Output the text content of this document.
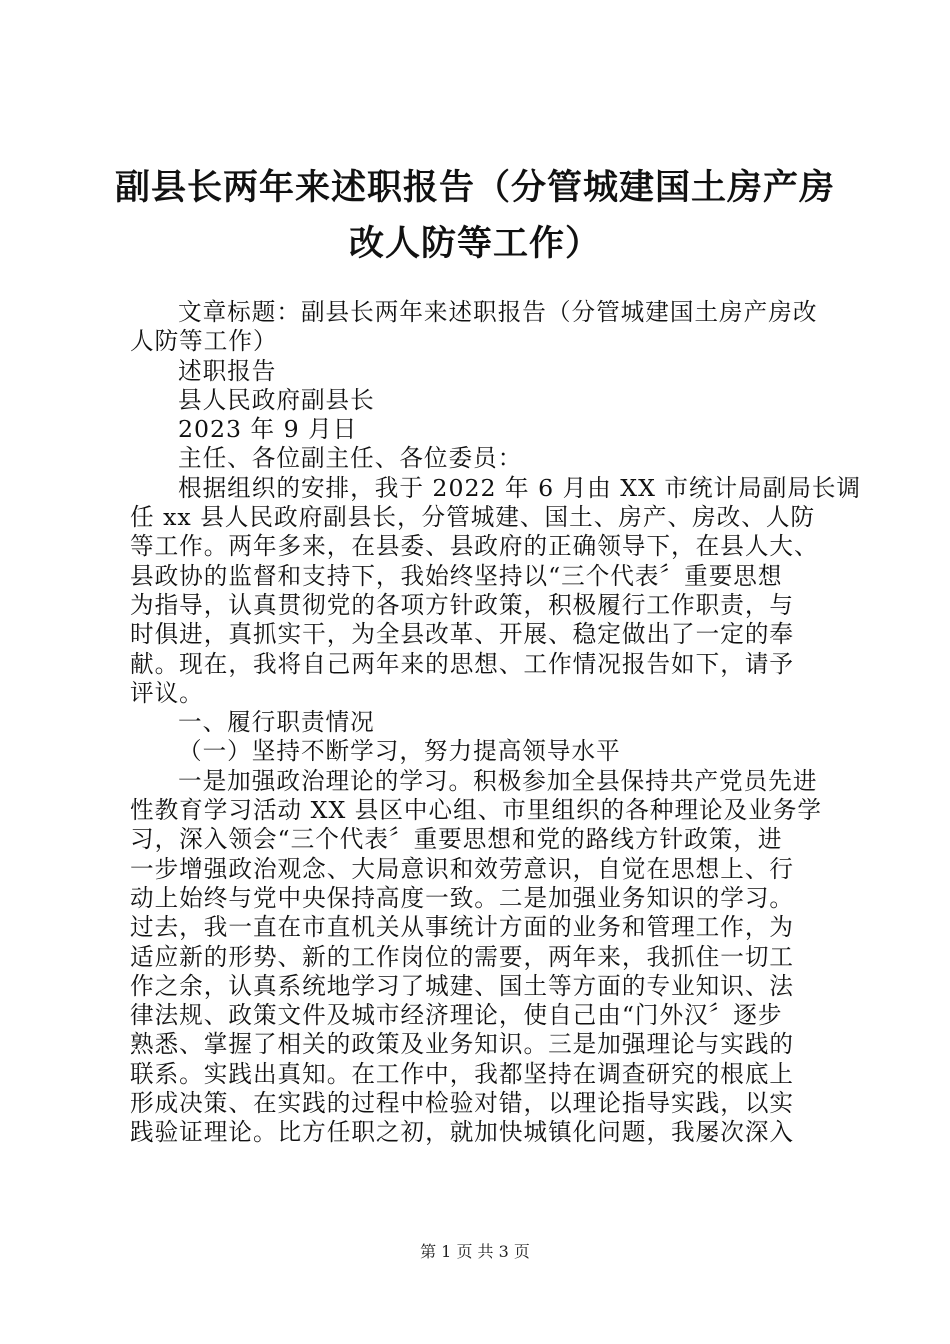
副县长两年来述职报告（分管城建国土房产房
改人防等工作）
文章标题：副县长两年来述职报告（分管城建国土房产房改
人防等工作）
述职报告
县人民政府副县长
2023 年 9 月日
主任、各位副主任、各位委员：
根据组织的安排，我于 2022 年 6 月由 XX 市统计局副局长调
任 xx 县人民政府副县长，分管城建、国土、房产、房改、人防
等工作。两年多来，在县委、县政府的正确领导下，在县人大、
县政协的监督和支持下，我始终坚持以“三个代表〞重要思想
为指导，认真贯彻党的各项方针政策，积极履行工作职责，与
时俱进，真抓实干，为全县改革、开展、稳定做出了一定的奉
献。现在，我将自己两年来的思想、工作情况报告如下，请予
评议。
一、履行职责情况
（一）坚持不断学习，努力提高领导水平
一是加强政治理论的学习。积极参加全县保持共产党员先进
性教育学习活动 XX 县区中心组、市里组织的各种理论及业务学
习，深入领会“三个代表〞重要思想和党的路线方针政策，进
一步增强政治观念、大局意识和效劳意识，自觉在思想上、行
动上始终与党中央保持高度一致。二是加强业务知识的学习。
过去，我一直在市直机关从事统计方面的业务和管理工作，为
适应新的形势、新的工作岗位的需要，两年来，我抓住一切工
作之余，认真系统地学习了城建、国土等方面的专业知识、法
律法规、政策文件及城市经济理论，使自己由“门外汉〞逐步
熟悉、掌握了相关的政策及业务知识。三是加强理论与实践的
联系。实践出真知。在工作中，我都坚持在调查研究的根底上
形成决策、在实践的过程中检验对错，以理论指导实践，以实
践验证理论。比方任职之初，就加快城镇化问题，我屡次深入
第 1 页 共 3 页
